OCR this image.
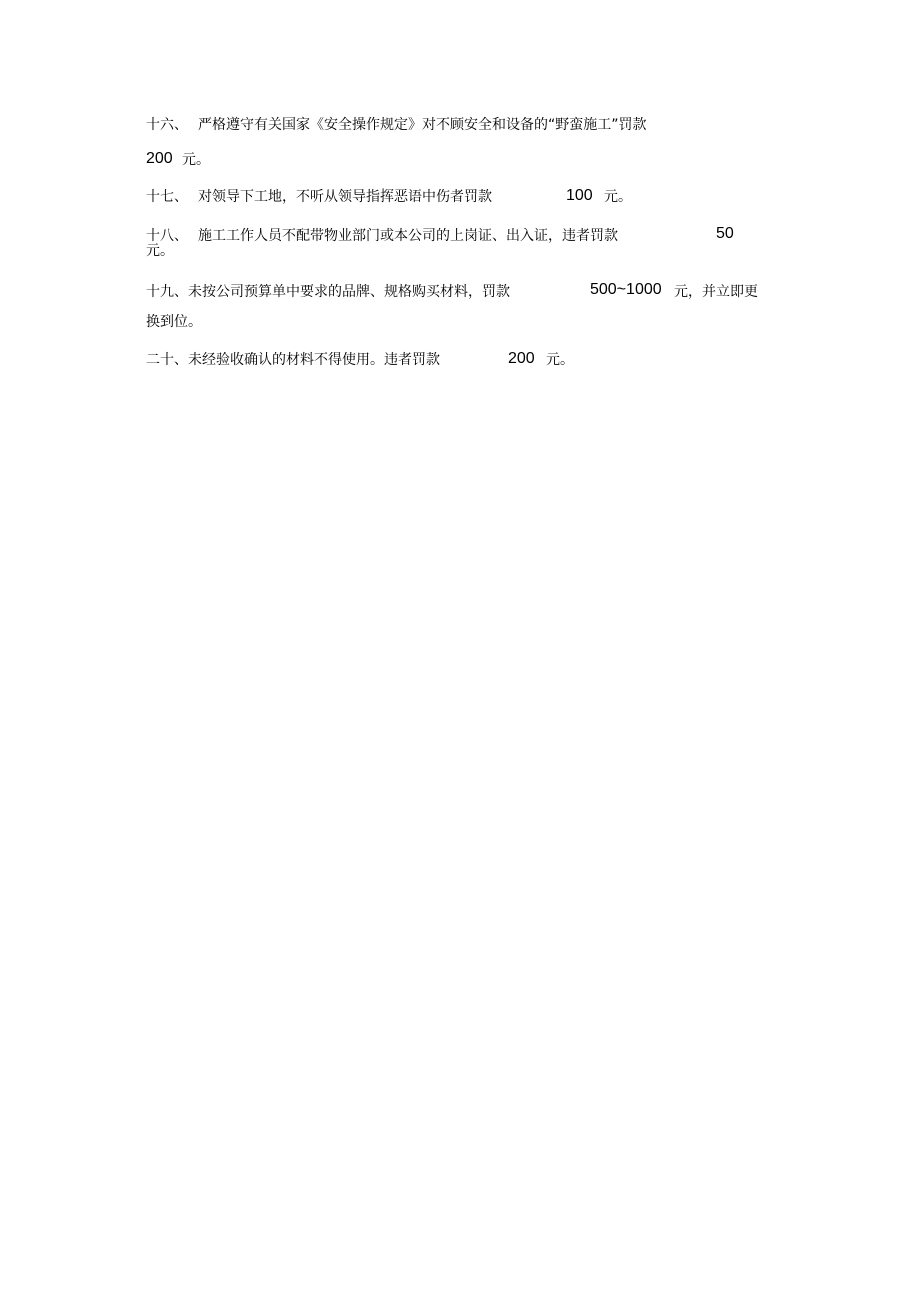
十六、 严格遵守有关国家《安全操作规定》对不顾安全和设备的“野蛮施工”罚款
200 元。
十七、 对领导下工地，不听从领导指挥恶语中伤者罚款	100 元。
十八、 施工工作人员不配带物业部门或本公司的上岗证、出入证，违者罚款	50
元。
十九、 未按公司预算单中要求的品牌、规格购买材料，罚款	500~1000 元，并立即更
换到位。
二十、 未经验收确认的材料不得使用。违者罚款	200 元。
